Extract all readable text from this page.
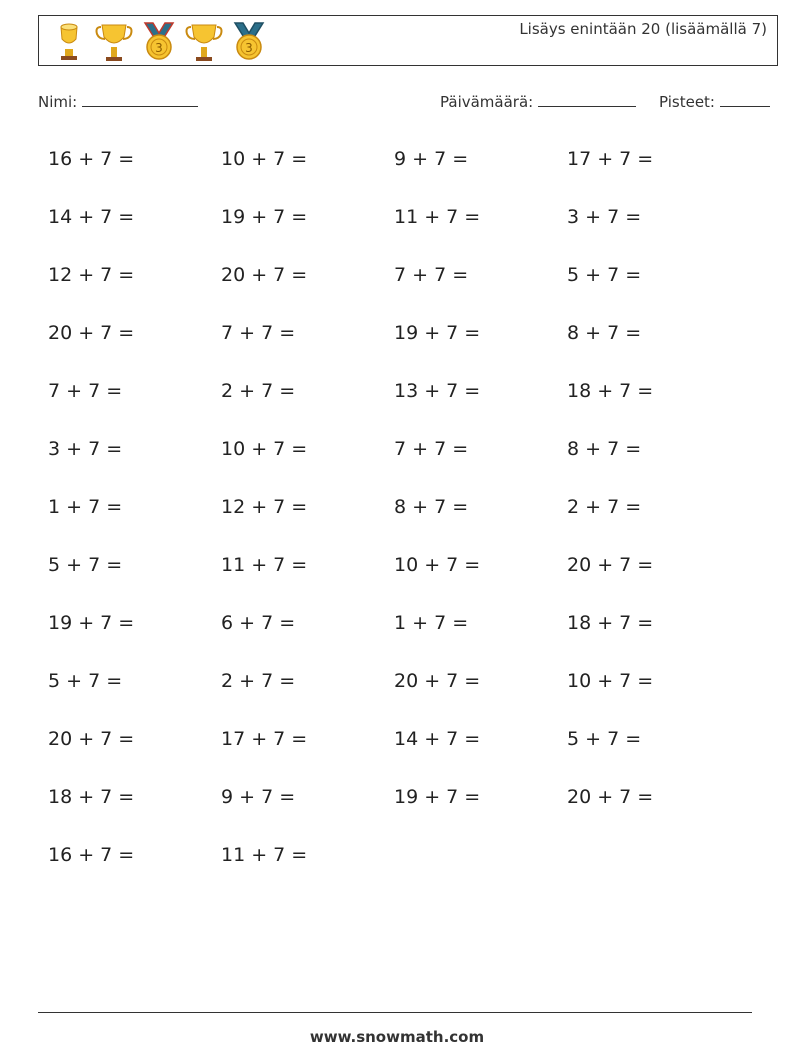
3	3
Lisäys enintään 20 (lisäämällä 7)
Nimi:	Päivämäärä:	Pisteet:
16 + 7 =	10 + 7 =	9 + 7 =	17 + 7 =
14 + 7 =	19 + 7 =	11 + 7 =	3 + 7 =
12 + 7 =	20 + 7 =	7 + 7 =	5 + 7 =
20 + 7 =	7 + 7 =	19 + 7 =	8 + 7 =
7 + 7 =	2 + 7 =	13 + 7 =	18 + 7 =
3 + 7 =	10 + 7 =	7 + 7 =	8 + 7 =
1 + 7 =	12 + 7 =	8 + 7 =	2 + 7 =
5 + 7 =	11 + 7 =	10 + 7 =	20 + 7 =
19 + 7 =	6 + 7 =	1 + 7 =	18 + 7 =
5 + 7 =	2 + 7 =	20 + 7 =	10 + 7 =
20 + 7 =	17 + 7 =	14 + 7 =	5 + 7 =
18 + 7 =	9 + 7 =	19 + 7 =	20 + 7 =
16 + 7 =	11 + 7 =
www.snowmath.com
